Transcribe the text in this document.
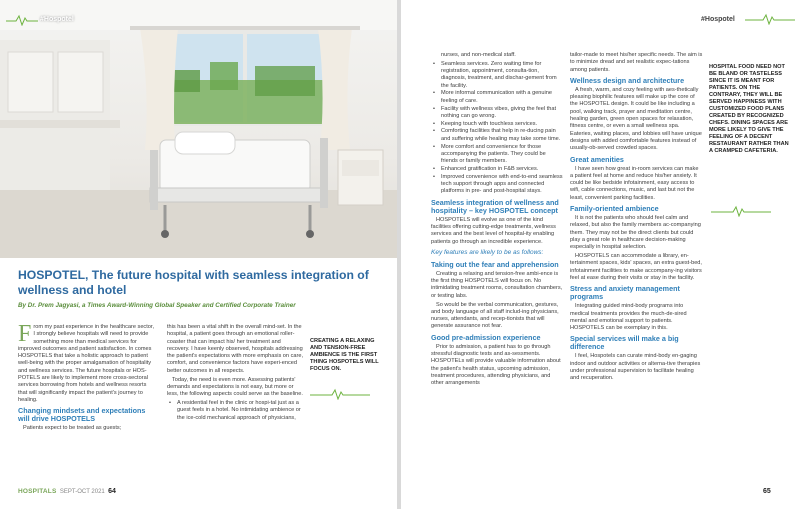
#Hospotel
HOSPOTEL, The future hospital with seamless integration of wellness and hotel
By Dr. Prem Jagyasi, a Times Award-Winning Global Speaker and Certified Corporate Trainer

From my past experience in the healthcare sector, I strongly believe hospitals will need to provide something more than medical services for improved outcomes and patient satisfaction. In comes HOSPOTELS that take a holistic approach to patient well-being with the proper amalgamation of hospitality and wellness services. The future hospitals or HOS-POTELS are likely to implement more cross-sectoral services borrowing from hotels and wellness resorts that will significantly impact the patient's journey to healing.

Changing mindsets and expectations will drive HOSPOTELS

Patients expect to be treated as guests;

this has been a vital shift in the overall mind-set. In the hospital, a patient goes through an emotional roller-coaster that can impact his/ her treatment and recovery. I have keenly observed, hospitals addressing the patient's expectations with more emphasis on care, comfort, and convenience factors have experi-enced better outcomes in all respects.

Today, the need is even more. Assessing patients' demands and expectations is not easy, but more or less, the following aspects could serve as the baseline.

• A residential feel in the clinic or hospi-tal just as a guest feels in a hotel. No intimidating ambience or the ice-cold mechanical approach of physicians,
CREATING A RELAXING AND TENSION-FREE AMBIENCE IS THE FIRST THING HOSPOTELS WILL FOCUS ON.
HOSPITALS SEPT-OCT 2021 64
#Hospotel

nurses, and non-medical staff.

• Seamless services. Zero waiting time for registration, appointment, consulta-tion, diagnosis, treatment, and dischar-gement from the facility.
• More informal communication with a genuine feeling of care.
• Facility with wellness vibes, giving the feel that nothing can go wrong.
• Keeping touch with touchless services.
• Comforting facilities that help in re-ducing pain and suffering while healing may take some time.
• More comfort and convenience for those accompanying the patients. They could be friends or family members.
• Enhanced gratification in F&B services.
• Improved convenience with end-to-end seamless tech support through apps and connected platforms in pre- and post-hospital stays.
Seamless integration of wellness and hospitality – key HOSPOTEL concept

HOSPOTELS will evolve as one of the kind facilities offering cutting-edge treatments, wellness services and the best level of hospital-ity enabling patients go through an incredible experience.

Key features are likely to be as follows:
Taking out the fear and apprehension

Creating a relaxing and tension-free ambi-ence is the first thing HOSPOTELS will focus on. No intimidating treatment rooms, consultation chambers, or testing labs.

So would be the verbal communication, gestures, and body language of all staff includ-ing physicians, nurses, attendants, and recep-tionists that will generate assurance not fear.

Good pre-admission experience

Prior to admission, a patient has to go through stressful diagnostic tests and as-sessments. HOSPOTELs will provide valuable information about the patient's health status, upcoming admission, treatment procedures, attending physicians, and other arrangements

tailor-made to meet his/her specific needs. The aim is to minimize dread and set realistic expec-tations among patients.

Wellness design and architecture

A fresh, warm, and cozy feeling with aes-thetically pleasing biophilic features will make up the core of the HOSPOTEL design. It could be like including a pool, walking track, prayer and meditation centre, healing garden, green open spaces for relaxation, fitness centre, or even a small wellness spa. Eateries, waiting places, and lobbies will have unique designs with added comfortable features instead of usually-ob-served crowded spaces.

Great amenities

I have seen how great in-room services can make a patient feel at home and reduce his/her anxiety. It could be like bedside infotainment, easy access to wifi, cable connections, music, and last but not the least, convenient parking facilities.

Family-oriented ambience

It is not the patients who should feel calm and relaxed, but also the family members ac-companying them. They may not be the direct clients but could play a great role in healthcare decision-making especially in hospital selection.

HOSPOTELS can accommodate a library, en-tertainment spaces, kids' spaces, an extra guest-bed, infotainment facilities to make accompany-ing visitors feel at ease during their visits or stay in the facility.

Stress and anxiety management programs

Integrating guided mind-body programs into medical treatments provides the much-de-sired mental and emotional support to patients. HOSPOTELS can be exemplary in this.

Special services will make a big difference

I feel, Hospotels can curate mind-body en-gaging indoor and outdoor activities or alterna-tive therapies under professional supervision to facilitate healing and recuperation.

HOSPITAL FOOD NEED NOT BE BLAND OR TASTELESS SINCE IT IS MEANT FOR PATIENTS. ON THE CONTRARY, THEY WILL BE SERVED HAPPINESS WITH CUSTOMIZED FOOD PLANS CREATED BY RECOGNIZED CHEFS. DINING SPACES ARE MORE LIKELY TO GIVE THE FEELING OF A DECENT RESTAURANT RATHER THAN A CRAMPED CAFETERIA.
65
